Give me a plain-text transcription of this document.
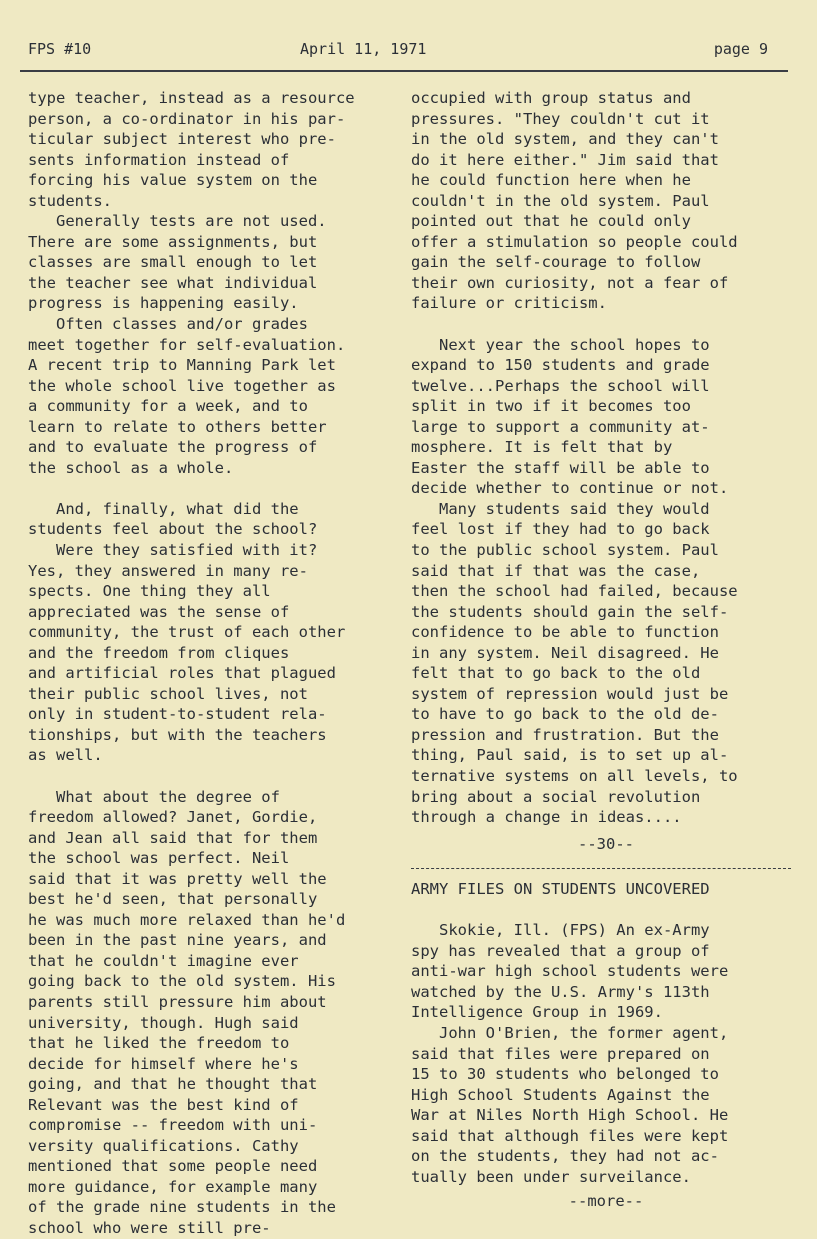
FPS #10	April 11, 1971	page 9

type teacher, instead as a resource

person, a co-ordinator in his par-

ticular subject interest who pre-

sents information instead of

forcing his value system on the

students.

Generally tests are not used.

There are some assignments, but

classes are small enough to let

the teacher see what individual

progress is happening easily.

Often classes and/or grades

meet together for self-evaluation.

A recent trip to Manning Park let

the whole school live together as

a community for a week, and to

learn to relate to others better

and to evaluate the progress of

the school as a whole.

And, finally, what did the

students feel about the school?

Were they satisfied with it?

Yes, they answered in many re-

spects. One thing they all

appreciated was the sense of

community, the trust of each other

and the freedom from cliques

and artificial roles that plagued

their public school lives, not

only in student-to-student rela-

tionships, but with the teachers

as well.

What about the degree of

freedom allowed? Janet, Gordie,

and Jean all said that for them

the school was perfect. Neil

said that it was pretty well the

best he'd seen, that personally

he was much more relaxed than he'd

been in the past nine years, and

that he couldn't imagine ever

going back to the old system. His

parents still pressure him about

university, though. Hugh said

that he liked the freedom to

decide for himself where he's

going, and that he thought that

Relevant was the best kind of

compromise -- freedom with uni-

versity qualifications. Cathy

mentioned that some people need

more guidance, for example many

of the grade nine students in the

school who were still pre-

occupied with group status and

pressures. "They couldn't cut it

in the old system, and they can't

do it here either." Jim said that

he could function here when he

couldn't in the old system. Paul

pointed out that he could only

offer a stimulation so people could

gain the self-courage to follow

their own curiosity, not a fear of

failure or criticism.

Next year the school hopes to

expand to 150 students and grade

twelve...Perhaps the school will

split in two if it becomes too

large to support a community at-

mosphere. It is felt that by

Easter the staff will be able to

decide whether to continue or not.

Many students said they would

feel lost if they had to go back

to the public school system. Paul

said that if that was the case,

then the school had failed, because

the students should gain the self-

confidence to be able to function

in any system. Neil disagreed. He

felt that to go back to the old

system of repression would just be

to have to go back to the old de-

pression and frustration. But the

thing, Paul said, is to set up al-

ternative systems on all levels, to

bring about a social revolution

through a change in ideas....

--30--

ARMY FILES ON STUDENTS UNCOVERED

Skokie, Ill. (FPS) An ex-Army

spy has revealed that a group of

anti-war high school students were

watched by the U.S. Army's 113th

Intelligence Group in 1969.

John O'Brien, the former agent,

said that files were prepared on

15 to 30 students who belonged to

High School Students Against the

War at Niles North High School. He

said that although files were kept

on the students, they had not ac-

tually been under surveilance.

--more--
